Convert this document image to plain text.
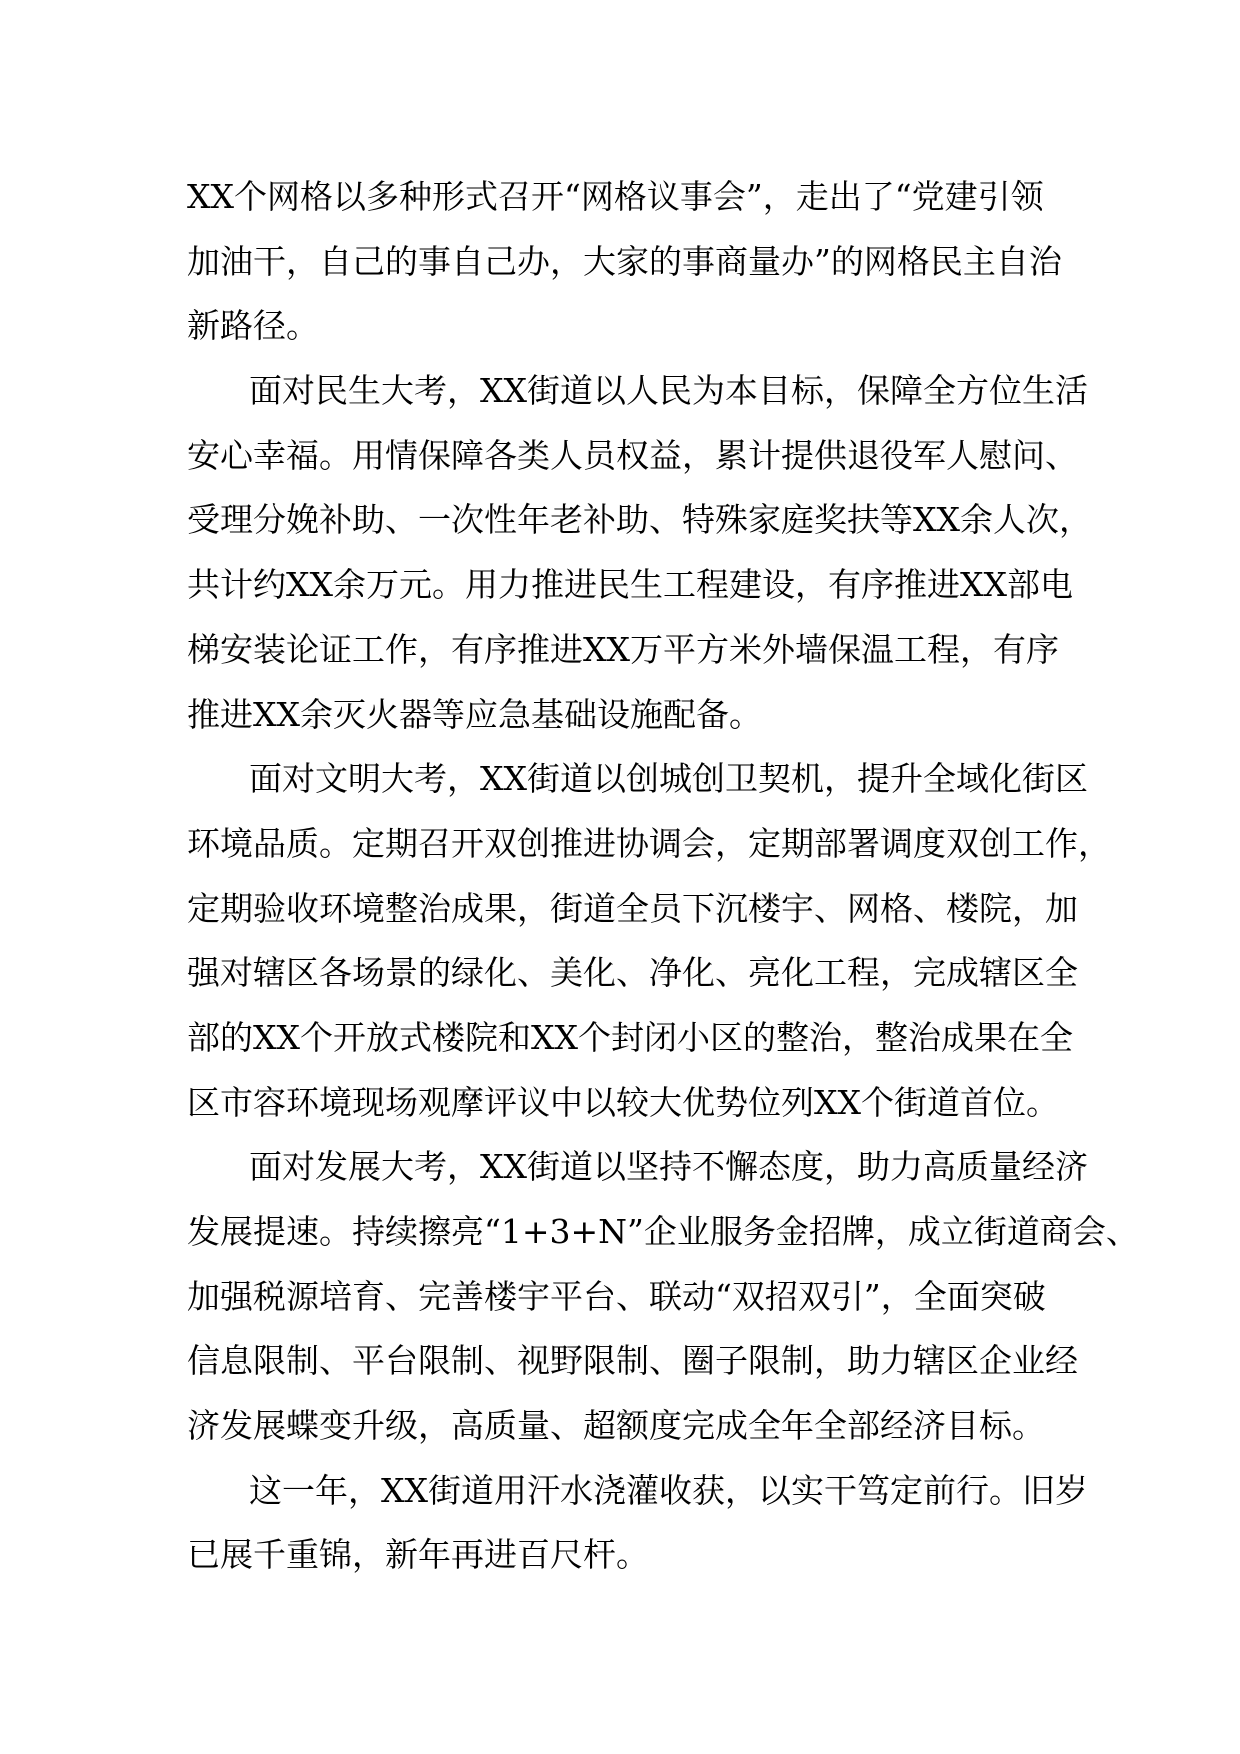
XX个网格以多种形式召开“网格议事会”，走出了“党建引领
加油干，自己的事自己办，大家的事商量办”的网格民主自治
新路径。
面对民生大考，XX街道以人民为本目标，保障全方位生活
安心幸福。用情保障各类人员权益，累计提供退役军人慰问、
受理分娩补助、一次性年老补助、特殊家庭奖扶等XX余人次，
共计约XX余万元。用力推进民生工程建设，有序推进XX部电
梯安装论证工作，有序推进XX万平方米外墙保温工程，有序
推进XX余灭火器等应急基础设施配备。
面对文明大考，XX街道以创城创卫契机，提升全域化街区
环境品质。定期召开双创推进协调会，定期部署调度双创工作，
定期验收环境整治成果，街道全员下沉楼宇、网格、楼院，加
强对辖区各场景的绿化、美化、净化、亮化工程，完成辖区全
部的XX个开放式楼院和XX个封闭小区的整治，整治成果在全
区市容环境现场观摩评议中以较大优势位列XX个街道首位。
面对发展大考，XX街道以坚持不懈态度，助力高质量经济
发展提速。持续擦亮“1+3+N”企业服务金招牌，成立街道商会、
加强税源培育、完善楼宇平台、联动“双招双引”，全面突破
信息限制、平台限制、视野限制、圈子限制，助力辖区企业经
济发展蝶变升级，高质量、超额度完成全年全部经济目标。
这一年，XX街道用汗水浇灌收获，以实干笃定前行。旧岁
已展千重锦，新年再进百尺杆。
